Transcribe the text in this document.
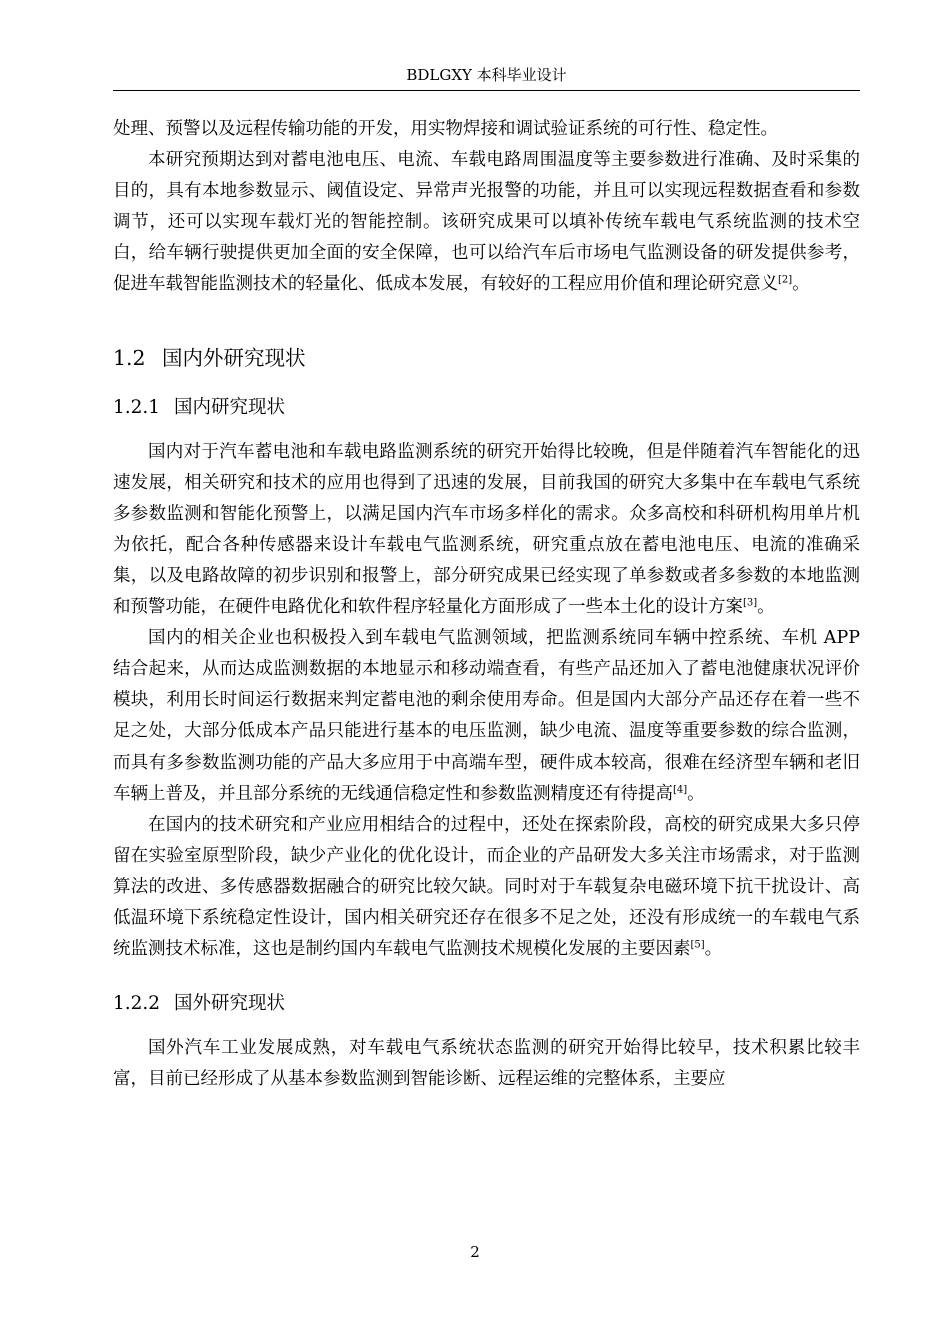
BDLGXY 本科毕业设计

处理、预警以及远程传输功能的开发，用实物焊接和调试验证系统的可行性、稳定性。

本研究预期达到对蓄电池电压、电流、车载电路周围温度等主要参数进行准确、及时采集的目的，具有本地参数显示、阈值设定、异常声光报警的功能，并且可以实现远程数据查看和参数调节，还可以实现车载灯光的智能控制。该研究成果可以填补传统车载电气系统监测的技术空白，给车辆行驶提供更加全面的安全保障，也可以给汽车后市场电气监测设备的研发提供参考，促进车载智能监测技术的轻量化、低成本发展，有较好的工程应用价值和理论研究意义[2]。

1.2 国内外研究现状
1.2.1 国内研究现状

国内对于汽车蓄电池和车载电路监测系统的研究开始得比较晚，但是伴随着汽车智能化的迅速发展，相关研究和技术的应用也得到了迅速的发展，目前我国的研究大多集中在车载电气系统多参数监测和智能化预警上，以满足国内汽车市场多样化的需求。众多高校和科研机构用单片机为依托，配合各种传感器来设计车载电气监测系统，研究重点放在蓄电池电压、电流的准确采集，以及电路故障的初步识别和报警上，部分研究成果已经实现了单参数或者多参数的本地监测和预警功能，在硬件电路优化和软件程序轻量化方面形成了一些本土化的设计方案[3]。

国内的相关企业也积极投入到车载电气监测领域，把监测系统同车辆中控系统、车机 APP 结合起来，从而达成监测数据的本地显示和移动端查看，有些产品还加入了蓄电池健康状况评价模块，利用长时间运行数据来判定蓄电池的剩余使用寿命。但是国内大部分产品还存在着一些不足之处，大部分低成本产品只能进行基本的电压监测，缺少电流、温度等重要参数的综合监测，而具有多参数监测功能的产品大多应用于中高端车型，硬件成本较高，很难在经济型车辆和老旧车辆上普及，并且部分系统的无线通信稳定性和参数监测精度还有待提高[4]。

在国内的技术研究和产业应用相结合的过程中，还处在探索阶段，高校的研究成果大多只停留在实验室原型阶段，缺少产业化的优化设计，而企业的产品研发大多关注市场需求，对于监测算法的改进、多传感器数据融合的研究比较欠缺。同时对于车载复杂电磁环境下抗干扰设计、高低温环境下系统稳定性设计，国内相关研究还存在很多不足之处，还没有形成统一的车载电气系统监测技术标准，这也是制约国内车载电气监测技术规模化发展的主要因素[5]。

1.2.2 国外研究现状

国外汽车工业发展成熟，对车载电气系统状态监测的研究开始得比较早，技术积累比较丰富，目前已经形成了从基本参数监测到智能诊断、远程运维的完整体系，主要应

2
